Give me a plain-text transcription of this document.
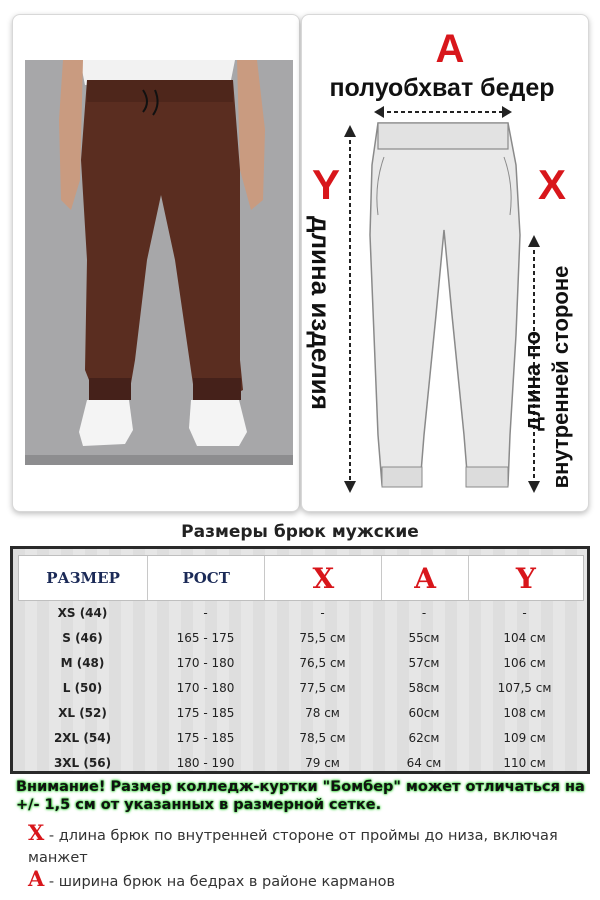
A
полуобхват бедер
Y	X
длина изделия	длина по внутренней стороне
Размеры брюк мужские
РАЗМЕР	РОСТ	X	A	Y
XS (44)	-	-	-	-
S (46)	165 - 175	75,5 см	55см	104 см
M (48)	170 - 180	76,5 см	57см	106 см
L (50)	170 - 180	77,5 см	58см	107,5 см
XL (52)	175 - 185	78 см	60см	108 см
2XL (54)	175 - 185	78,5 см	62см	109 см
3XL (56)	180 - 190	79 см	64 см	110 см
Внимание! Размер колледж-куртки "Бомбер" может отличаться на +/- 1,5 см от указанных в размерной сетке.
X - длина брюк по внутренней стороне от проймы до низа, включая манжет
A - ширина брюк на бедрах в районе карманов
